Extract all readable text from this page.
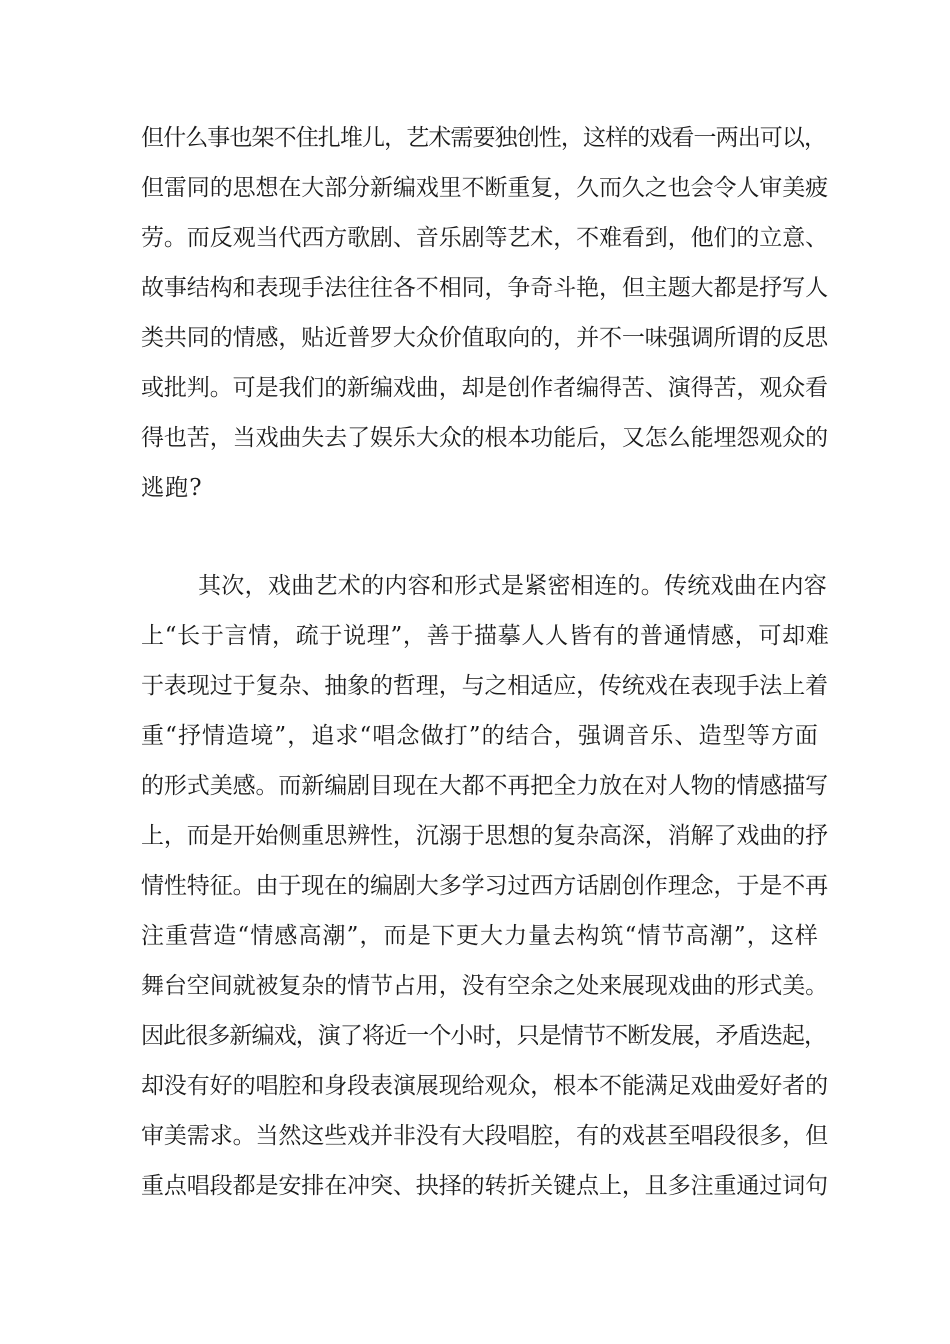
但什么事也架不住扎堆儿，艺术需要独创性，这样的戏看一两出可以，
但雷同的思想在大部分新编戏里不断重复，久而久之也会令人审美疲
劳。而反观当代西方歌剧、音乐剧等艺术，不难看到，他们的立意、
故事结构和表现手法往往各不相同，争奇斗艳，但主题大都是抒写人
类共同的情感，贴近普罗大众价值取向的，并不一味强调所谓的反思
或批判。可是我们的新编戏曲，却是创作者编得苦、演得苦，观众看
得也苦，当戏曲失去了娱乐大众的根本功能后，又怎么能埋怨观众的
逃跑?
其次，戏曲艺术的内容和形式是紧密相连的。传统戏曲在内容
上“长于言情，疏于说理”，善于描摹人人皆有的普通情感，可却难
于表现过于复杂、抽象的哲理，与之相适应，传统戏在表现手法上着
重“抒情造境”，追求“唱念做打”的结合，强调音乐、造型等方面
的形式美感。而新编剧目现在大都不再把全力放在对人物的情感描写
上，而是开始侧重思辨性，沉溺于思想的复杂高深，消解了戏曲的抒
情性特征。由于现在的编剧大多学习过西方话剧创作理念，于是不再
注重营造“情感高潮”，而是下更大力量去构筑“情节高潮”，这样
舞台空间就被复杂的情节占用，没有空余之处来展现戏曲的形式美。
因此很多新编戏，演了将近一个小时，只是情节不断发展，矛盾迭起，
却没有好的唱腔和身段表演展现给观众，根本不能满足戏曲爱好者的
审美需求。当然这些戏并非没有大段唱腔，有的戏甚至唱段很多，但
重点唱段都是安排在冲突、抉择的转折关键点上，且多注重通过词句
